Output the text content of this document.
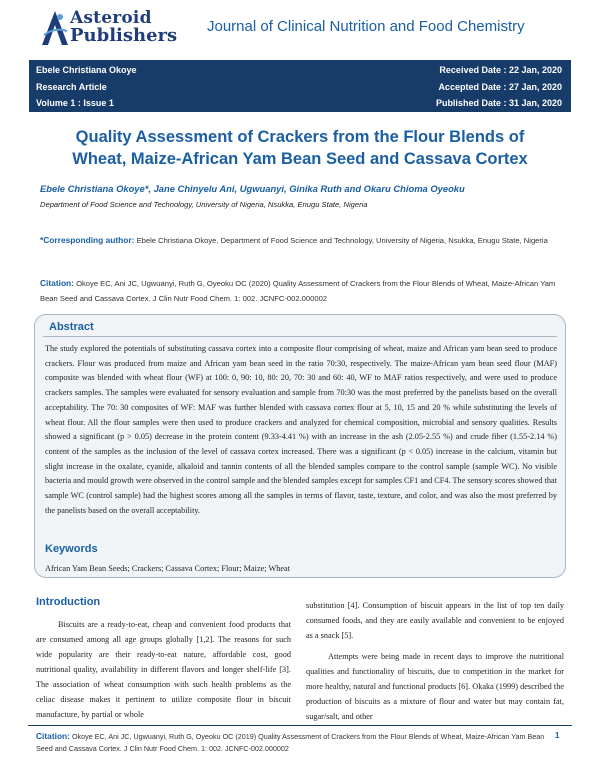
Asteroid
Publishers Journal of Clinical Nutrition and Food Chemistry
Ebele Christiana Okoye
Research Article
Volume 1 : Issue 1
Received Date : 22 Jan, 2020
Accepted Date : 27 Jan, 2020
Published Date : 31 Jan, 2020
Quality Assessment of Crackers from the Flour Blends of
Wheat, Maize-African Yam Bean Seed and Cassava Cortex
Ebele Christiana Okoye*, Jane Chinyelu Ani, Ugwuanyi, Ginika Ruth and Okaru Chioma Oyeoku
Department of Food Science and Technology, University of Nigeria, Nsukka, Enugu State, Nigeria
*Corresponding author: Ebele Christiana Okoye, Department of Food Science and Technology, University of Nigeria, Nsukka, Enugu State, Nigeria
Citation: Okoye EC, Ani JC, Ugwuanyi, Ruth G, Oyeoku OC (2020) Quality Assessment of Crackers from the Flour Blends of Wheat, Maize-African Yam Bean Seed and Cassava Cortex. J Clin Nutr Food Chem. 1: 002. JCNFC-002.000002
Abstract
The study explored the potentials of substituting cassava cortex into a composite flour comprising of wheat, maize and African yam bean seed to produce crackers. Flour was produced from maize and African yam bean seed in the ratio 70:30, respectively. The maize-African yam bean seed flour (MAF) composite was blended with wheat flour (WF) at 100: 0, 90: 10, 80: 20, 70: 30 and 60: 40, WF to MAF ratios respectively, and were used to produce crackers samples. The samples were evaluated for sensory evaluation and sample from 70:30 was the most preferred by the panelists based on the overall acceptability. The 70: 30 composites of WF: MAF was further blended with cassava cortex flour at 5, 10, 15 and 20 % while substituting the levels of wheat flour. All the flour samples were then used to produce crackers and analyzed for chemical composition, microbial and sensory qualities. Results showed a significant (p > 0.05) decrease in the protein content (9.33-4.41 %) with an increase in the ash (2.05-2.55 %) and crude fiber (1.55-2.14 %) content of the samples as the inclusion of the level of cassava cortex increased. There was a significant (p < 0.05) increase in the calcium, vitamin but slight increase in the oxalate, cyanide, alkaloid and tannin contents of all the blended samples compare to the control sample (sample WC). No visible bacteria and mould growth were observed in the control sample and the blended samples except for samples CF1 and CF4. The sensory scores showed that sample WC (control sample) had the highest scores among all the samples in terms of flavor, taste, texture, and color, and was also the most preferred by the panelists based on the overall acceptability.
Keywords
African Yam Bean Seeds; Crackers; Cassava Cortex; Flour; Maize; Wheat
Introduction

Biscuits are a ready-to-eat, cheap and convenient food products that are consumed among all age groups globally [1,2]. The reasons for such wide popularity are their ready-to-eat nature, affordable cost, good nutritional quality, availability in different flavors and longer shelf-life [3]. The association of wheat consumption with such health problems as the celiac disease makes it pertinent to utilize composite flour in biscuit manufacture, by partial or whole

substitution [4]. Consumption of biscuit appears in the list of top ten daily consumed foods, and they are easily available and convenient to be enjoyed as a snack [5].

Attempts were being made in recent days to improve the nutritional qualities and functionality of biscuits, due to competition in the market for more healthy, natural and functional products [6]. Okaka (1999) described the production of biscuits as a mixture of flour and water but may contain fat, sugar/salt, and other

Citation: Okoye EC, Ani JC, Ugwuanyi, Ruth G, Oyeoku OC (2019) Quality Assessment of Crackers from the Flour Blends of Wheat, Maize-African Yam Bean Seed and Cassava Cortex. J Clin Nutr Food Chem. 1: 002. JCNFC-002.000002
1
